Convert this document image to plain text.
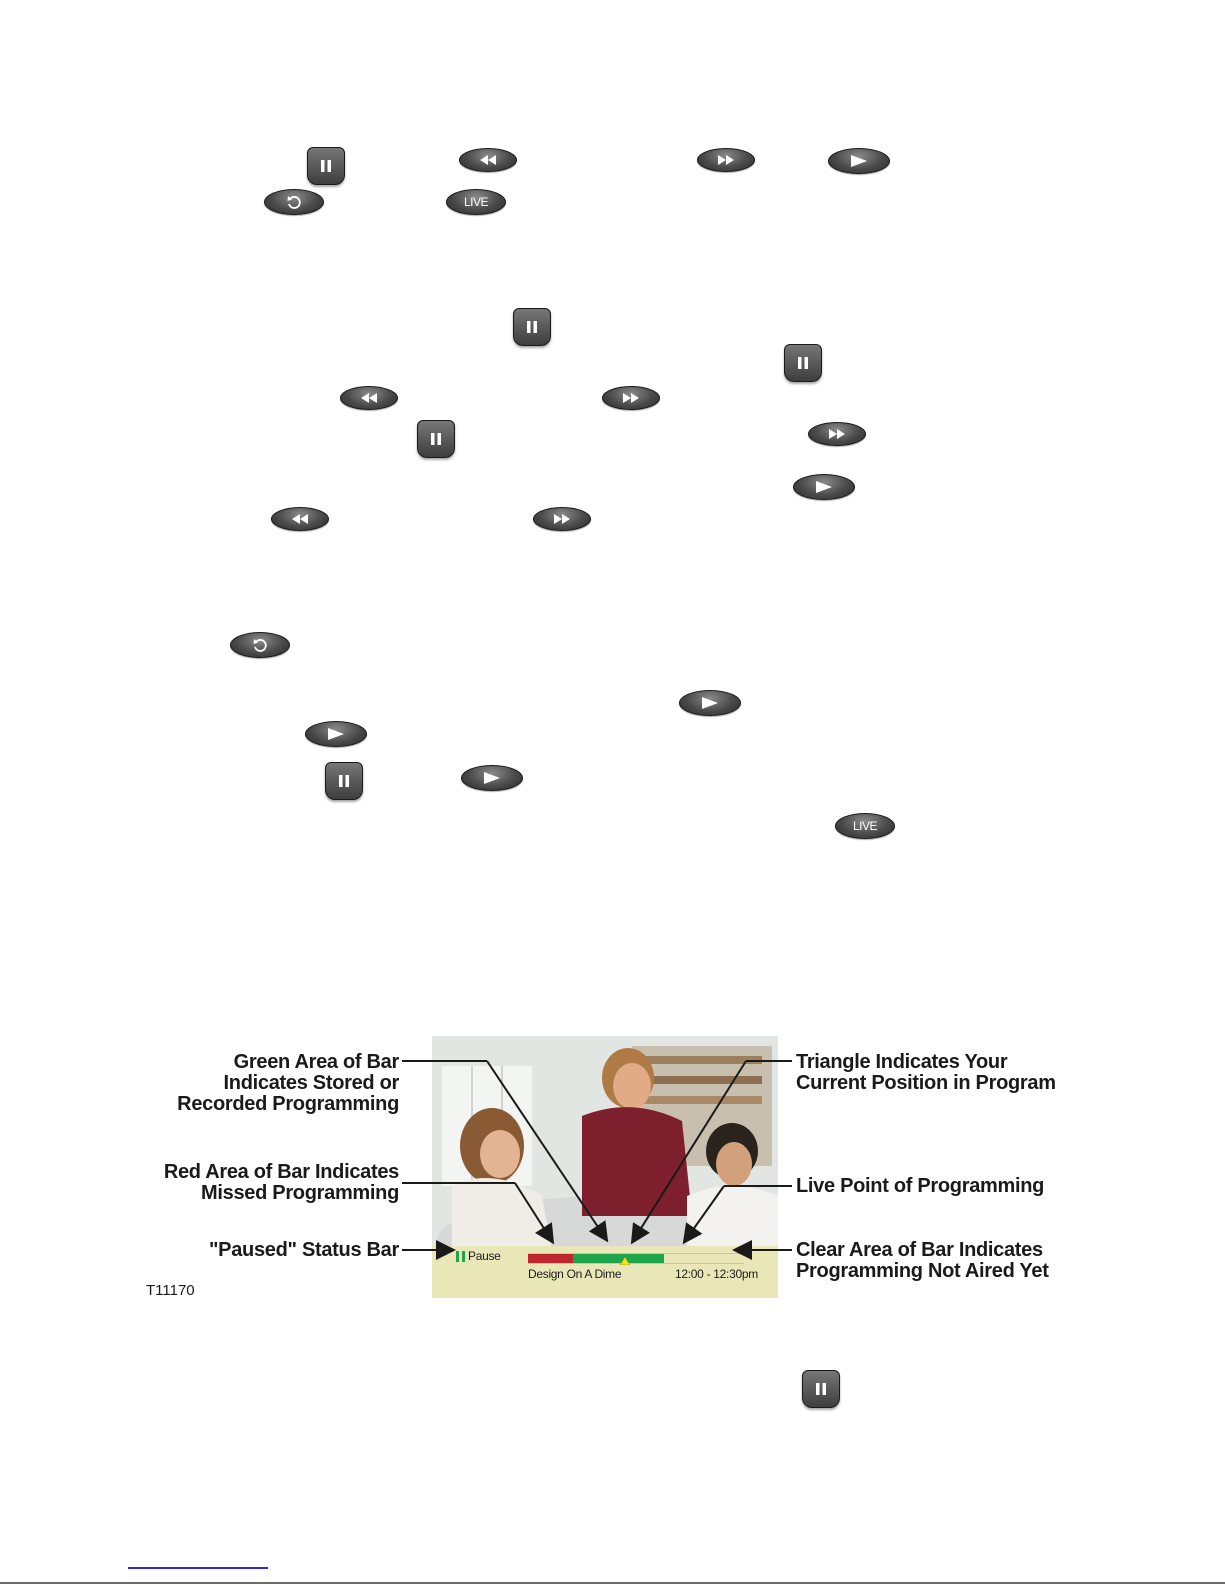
LIVE
LIVE
Pause
Design On A Dime	12:00 - 12:30pm
Green Area of Bar
Indicates Stored or
Recorded Programming
Red Area of Bar Indicates
Missed Programming
"Paused" Status Bar
Triangle Indicates Your
Current Position in Program
Live Point of Programming
Clear Area of Bar Indicates
Programming Not Aired Yet
T11170
